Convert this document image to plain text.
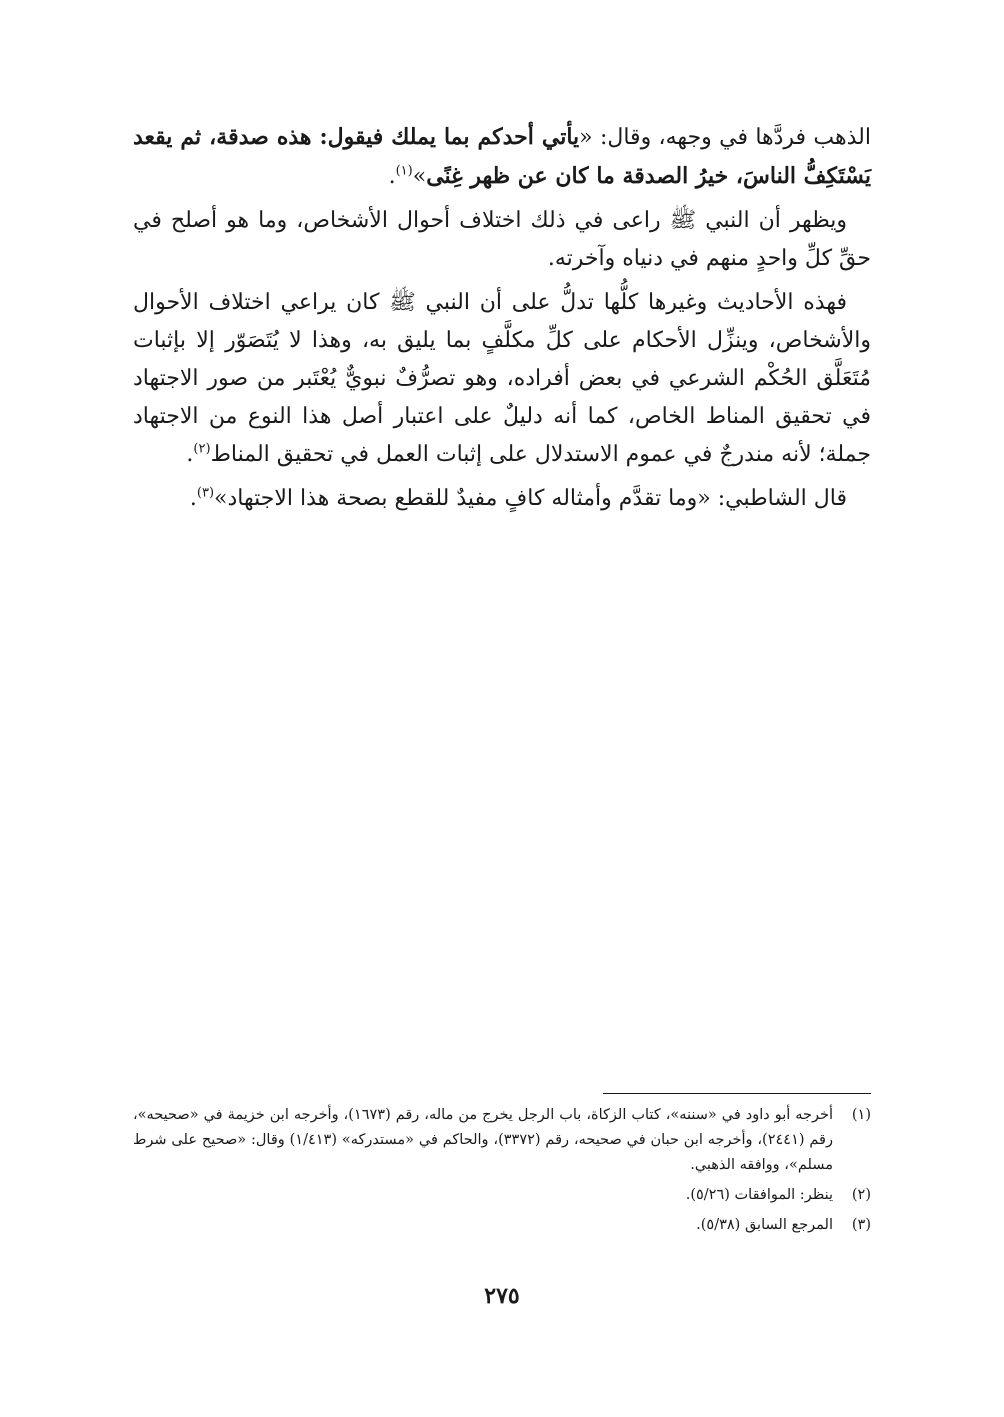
الذهب فردَّها في وجهه، وقال: «يأتي أحدكم بما يملك فيقول: هذه صدقة، ثم يقعد يَسْتَكِفُّ الناسَ، خيرُ الصدقة ما كان عن ظهر غِنًى»$^{(١)}$.

ويظهر أن النبي ﷺ راعى في ذلك اختلاف أحوال الأشخاص، وما هو أصلح في حقِّ كلِّ واحدٍ منهم في دنياه وآخرته.

فهذه الأحاديث وغيرها كلُّها تدلُّ على أن النبي ﷺ كان يراعي اختلاف الأحوال والأشخاص، وينزِّل الأحكام على كلِّ مكلَّفٍ بما يليق به، وهذا لا يُتَصَوّر إلا بإثبات مُتَعَلَّق الحُكْم الشرعي في بعض أفراده، وهو تصرُّفٌ نبويٌّ يُعْتَبر من صور الاجتهاد في تحقيق المناط الخاص، كما أنه دليلٌ على اعتبار أصل هذا النوع من الاجتهاد جملة؛ لأنه مندرجٌ في عموم الاستدلال على إثبات العمل في تحقيق المناط$^{(٢)}$.

قال الشاطبي: «وما تقدَّم وأمثاله كافٍ مفيدٌ للقطع بصحة هذا الاجتهاد»$^{(٣)}$.

(١)
أخرجه أبو داود في «سننه»، كتاب الزكاة، باب الرجل يخرج من ماله، رقم (١٦٧٣)، وأخرجه ابن خزيمة في «صحيحه»، رقم (٢٤٤١)، وأخرجه ابن حبان في صحيحه، رقم (٣٣٧٢)، والحاكم في «مستدركه» (١/٤١٣) وقال: «صحيح على شرط مسلم»، ووافقه الذهبي.
(٢)
ينظر: الموافقات (٥/٢٦).
(٣)
المرجع السابق (٥/٣٨).
٢٧٥
